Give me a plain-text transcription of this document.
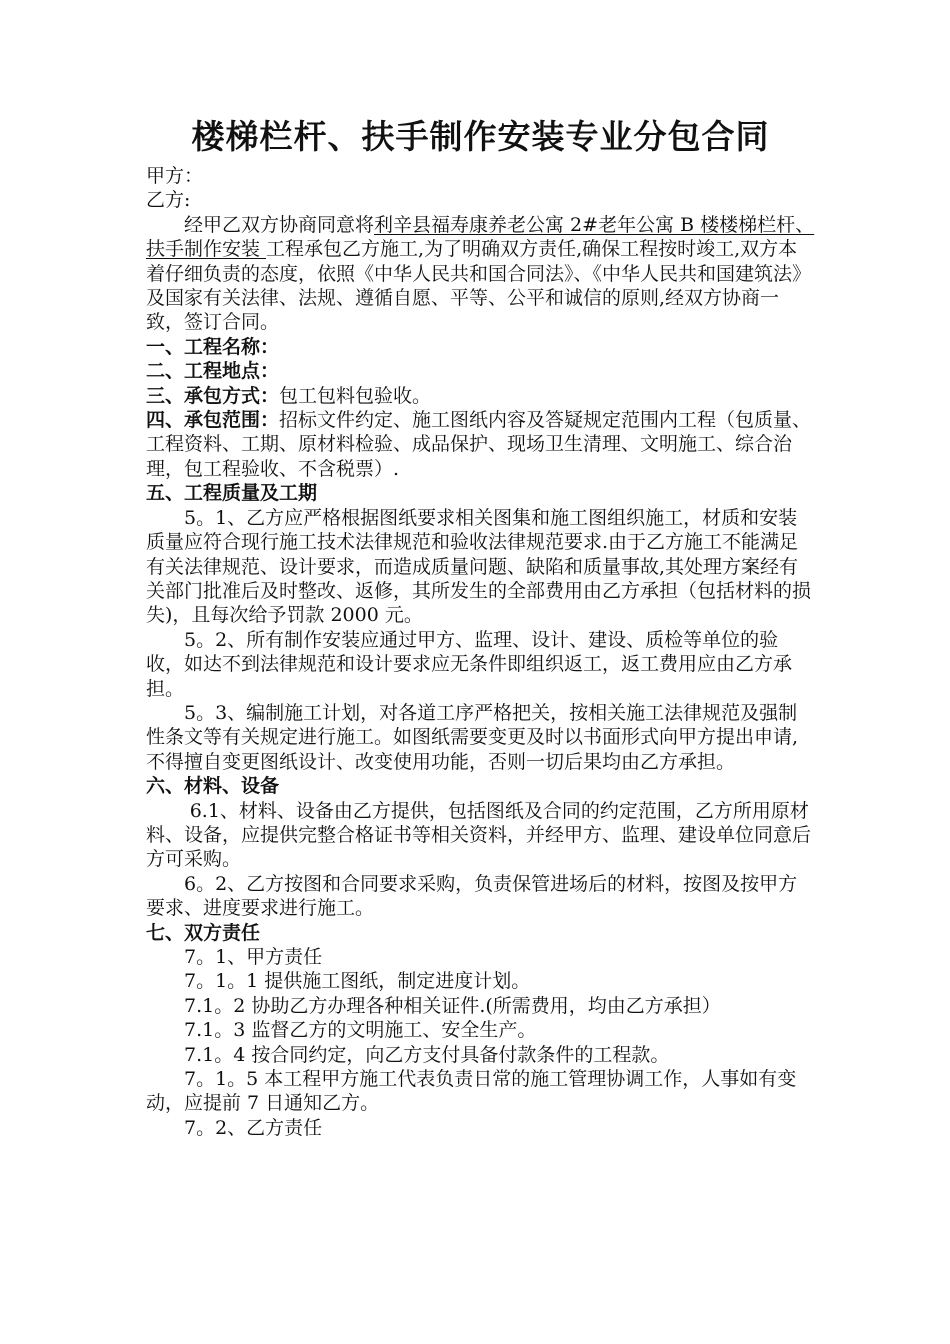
楼梯栏杆、扶手制作安装专业分包合同

甲方：

乙方:

经甲乙双方协商同意将利辛县福寿康养老公寓 2#老年公寓 B 楼楼梯栏杆、扶手制作安装 工程承包乙方施工,为了明确双方责任,确保工程按时竣工,双方本着仔细负责的态度，依照《中华人民共和国合同法》、《中华人民共和国建筑法》及国家有关法律、法规、遵循自愿、平等、公平和诚信的原则,经双方协商一致，签订合同。

一、工程名称：

二、工程地点：

三、承包方式：包工包料包验收。

四、承包范围：招标文件约定、施工图纸内容及答疑规定范围内工程（包质量、工程资料、工期、原材料检验、成品保护、现场卫生清理、文明施工、综合治理，包工程验收、不含税票）.

五、工程质量及工期

5。1、乙方应严格根据图纸要求相关图集和施工图组织施工，材质和安装质量应符合现行施工技术法律规范和验收法律规范要求.由于乙方施工不能满足有关法律规范、设计要求，而造成质量问题、缺陷和质量事故,其处理方案经有关部门批准后及时整改、返修，其所发生的全部费用由乙方承担（包括材料的损失)，且每次给予罚款 2000 元。

5。2、所有制作安装应通过甲方、监理、设计、建设、质检等单位的验收，如达不到法律规范和设计要求应无条件即组织返工，返工费用应由乙方承担。

5。3、编制施工计划，对各道工序严格把关，按相关施工法律规范及强制性条文等有关规定进行施工。如图纸需要变更及时以书面形式向甲方提出申请,不得擅自变更图纸设计、改变使用功能，否则一切后果均由乙方承担。

六、材料、设备

6.1、材料、设备由乙方提供，包括图纸及合同的约定范围，乙方所用原材料、设备，应提供完整合格证书等相关资料，并经甲方、监理、建设单位同意后方可采购。

6。2、乙方按图和合同要求采购，负责保管进场后的材料，按图及按甲方要求、进度要求进行施工。

七、双方责任

7。1、甲方责任

7。1。1 提供施工图纸，制定进度计划。

7.1。2 协助乙方办理各种相关证件.(所需费用，均由乙方承担）

7.1。3 监督乙方的文明施工、安全生产。

7.1。4 按合同约定，向乙方支付具备付款条件的工程款。

7。1。5 本工程甲方施工代表负责日常的施工管理协调工作，人事如有变动，应提前 7 日通知乙方。

7。2、乙方责任
